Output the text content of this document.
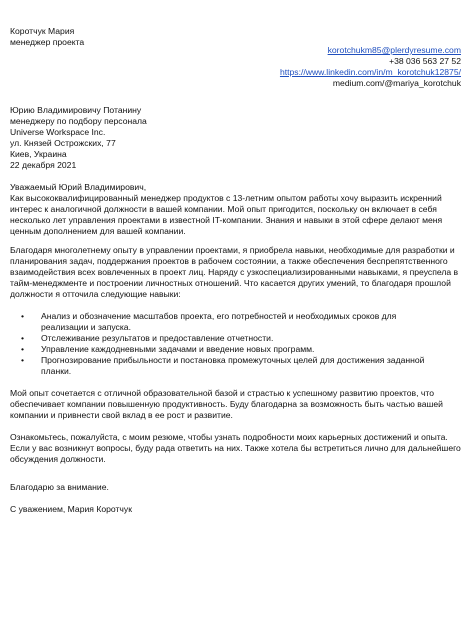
Коротчук Мария
менеджер проекта
korotchukm85@plerdyresume.com
+38 036 563 27 52
https://www.linkedin.com/in/m_korotchuk12875/
medium.com/@mariya_korotchuk
Юрию Владимировичу Потанину
менеджеру по подбору персонала
Universe Workspace Inc.
ул. Князей Острожских, 77
Киев, Украина
22 декабря 2021

Уважаемый Юрий Владимирович,

Как высококвалифицированный менеджер продуктов с 13-летним опытом работы хочу выразить искренний интерес к аналогичной должности в вашей компании. Мой опыт пригодится, поскольку он включает в себя несколько лет управления проектами в известной IT-компании. Знания и навыки в этой сфере делают меня ценным дополнением для вашей компании.

Благодаря многолетнему опыту в управлении проектами, я приобрела навыки, необходимые для разработки и планирования задач, поддержания проектов в рабочем состоянии, а также обеспечения беспрепятственного взаимодействия всех вовлеченных в проект лиц. Наряду с узкоспециализированными навыками, я преуспела в тайм-менеджменте и построении личностных отношений. Что касается других умений, то благодаря прошлой должности я отточила следующие навыки:

• Анализ и обозначение масштабов проекта, его потребностей и необходимых сроков для реализации и запуска.
• Отслеживание результатов и предоставление отчетности.
• Управление каждодневными задачами и введение новых программ.
• Прогнозирование прибыльности и постановка промежуточных целей для достижения заданной планки.

Мой опыт сочетается с отличной образовательной базой и страстью к успешному развитию проектов, что обеспечивает компании повышенную продуктивность. Буду благодарна за возможность быть частью вашей компании и привнести свой вклад в ее рост и развитие.

Ознакомьтесь, пожалуйста, с моим резюме, чтобы узнать подробности моих карьерных достижений и опыта. Если у вас возникнут вопросы, буду рада ответить на них. Также хотела бы встретиться лично для дальнейшего обсуждения должности.

Благодарю за внимание.

С уважением, Мария Коротчук
